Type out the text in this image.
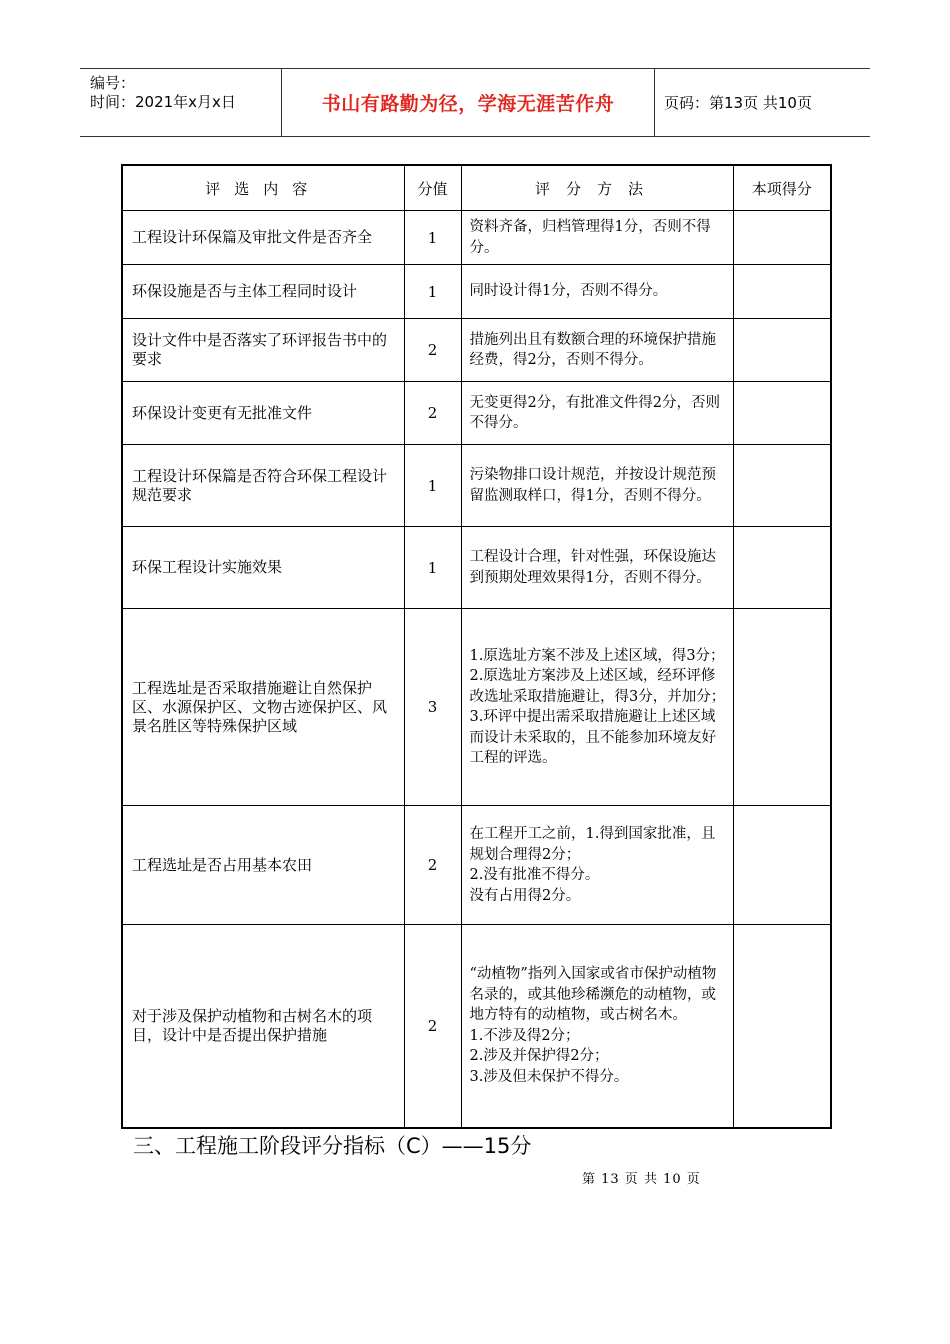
编号：
时间：2021年x月x日	书山有路勤为径，学海无涯苦作舟	页码：第13页 共10页
评选内容	分值	评分方法	本项得分
工程设计环保篇及审批文件是否齐全	1	资料齐备，归档管理得1分，否则不得分。	

环保设施是否与主体工程同时设计	1	同时设计得1分，否则不得分。	

设计文件中是否落实了环评报告书中的要求	2	措施列出且有数额合理的环境保护措施经费，得2分，否则不得分。	

环保设计变更有无批准文件	2	无变更得2分，有批准文件得2分，否则不得分。	

工程设计环保篇是否符合环保工程设计规范要求	1	污染物排口设计规范，并按设计规范预留监测取样口，得1分，否则不得分。	

环保工程设计实施效果	1	工程设计合理，针对性强，环保设施达到预期处理效果得1分，否则不得分。	

工程选址是否采取措施避让自然保护区、水源保护区、文物古迹保护区、风景名胜区等特殊保护区域	3	1.原选址方案不涉及上述区域，得3分；
2.原选址方案涉及上述区域，经环评修改选址采取措施避让，得3分，并加分；
3.环评中提出需采取措施避让上述区域而设计未采取的，且不能参加环境友好工程的评选。	

工程选址是否占用基本农田	2	在工程开工之前，1.得到国家批准，且规划合理得2分；
2.没有批准不得分。
没有占用得2分。	

对于涉及保护动植物和古树名木的项目，设计中是否提出保护措施	2	“动植物”指列入国家或省市保护动植物名录的，或其他珍稀濒危的动植物，或地方特有的动植物，或古树名木。
1.不涉及得2分；
2.涉及并保护得2分；
3.涉及但未保护不得分。	

三、工程施工阶段评分指标（C）——15分
第 13 页 共 10 页
